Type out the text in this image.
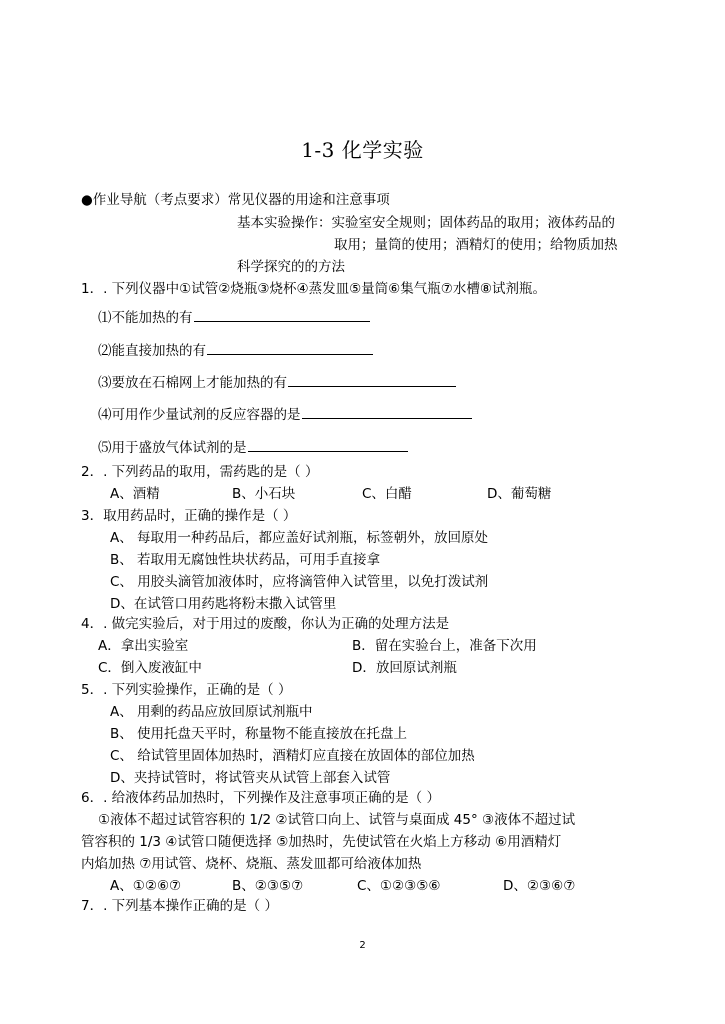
1-3 化学实验
●作业导航（考点要求）常见仪器的用途和注意事项
基本实验操作：实验室安全规则；固体药品的取用；液体药品的
取用；量筒的使用；酒精灯的使用；给物质加热
科学探究的的方法
1．. 下列仪器中①试管②烧瓶③烧杯④蒸发皿⑤量筒⑥集气瓶⑦水槽⑧试剂瓶。
⑴不能加热的有
⑵能直接加热的有
⑶要放在石棉网上才能加热的有
⑷可用作少量试剂的反应容器的是
⑸用于盛放气体试剂的是
2．. 下列药品的取用，需药匙的是（ ）
A、酒精	B、小石块	C、白醋	D、葡萄糖
3．取用药品时，正确的操作是（ ）
A、 每取用一种药品后，都应盖好试剂瓶，标签朝外，放回原处
B、 若取用无腐蚀性块状药品，可用手直接拿
C、 用胶头滴管加液体时，应将滴管伸入试管里，以免打泼试剂
D、在试管口用药匙将粉末撒入试管里
4．. 做完实验后，对于用过的废酸，你认为正确的处理方法是
A．拿出实验室	B．留在实验台上，准备下次用
C．倒入废液缸中	D．放回原试剂瓶
5．. 下列实验操作，正确的是（ ）
A、 用剩的药品应放回原试剂瓶中
B、 使用托盘天平时，称量物不能直接放在托盘上
C、 给试管里固体加热时，酒精灯应直接在放固体的部位加热
D、夹持试管时，将试管夹从试管上部套入试管
6．. 给液体药品加热时，下列操作及注意事项正确的是（ ）
①液体不超过试管容积的 1/2 ②试管口向上、试管与桌面成 45° ③液体不超过试
管容积的 1/3 ④试管口随便选择 ⑤加热时，先使试管在火焰上方移动 ⑥用酒精灯
内焰加热 ⑦用试管、烧杯、烧瓶、蒸发皿都可给液体加热
A、①②⑥⑦	B、②③⑤⑦	C、①②③⑤⑥	D、②③⑥⑦
7．. 下列基本操作正确的是（ ）
2
